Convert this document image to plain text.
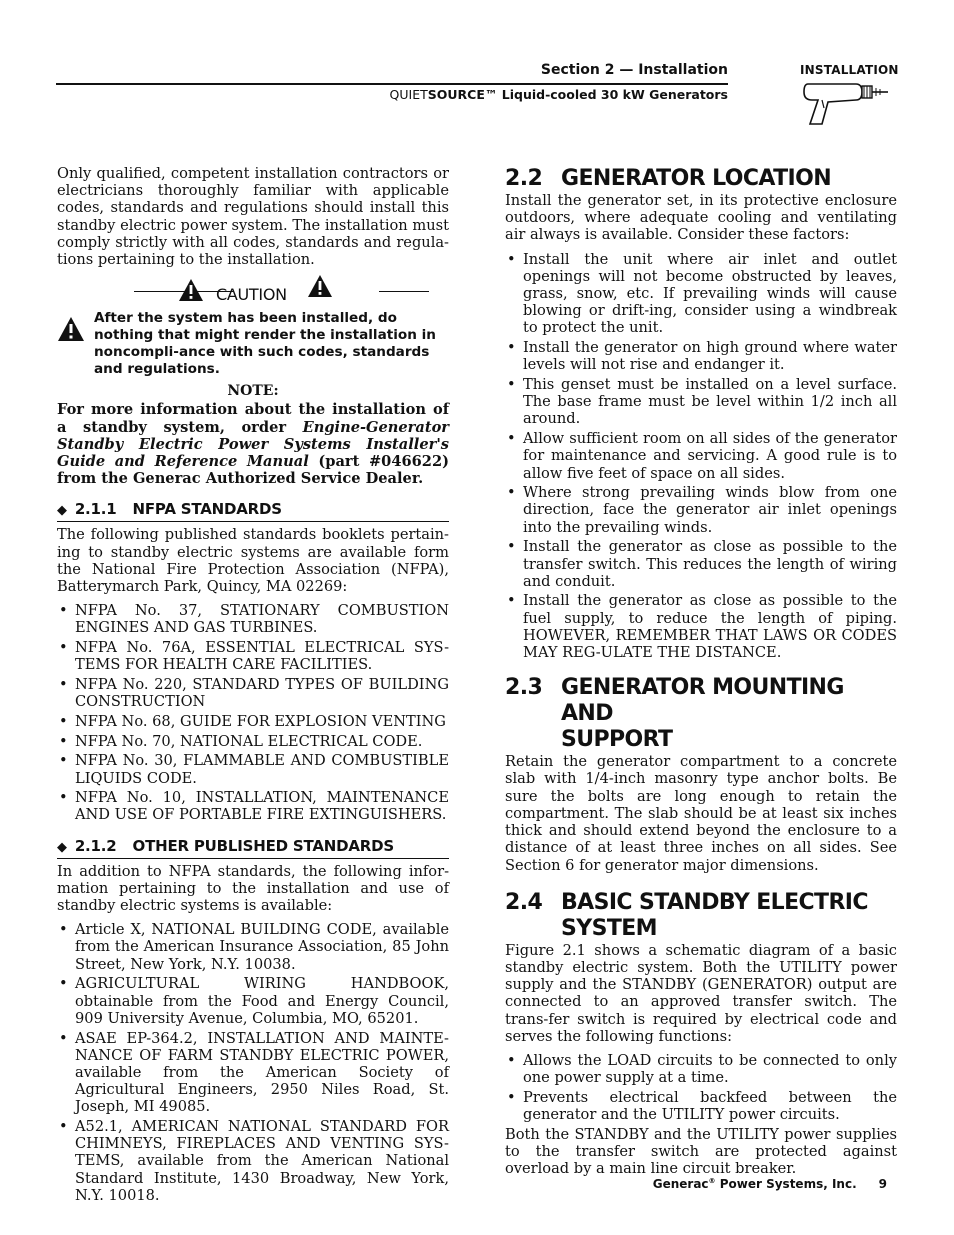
Section 2 — Installation
QUIETSOURCE™ Liquid-cooled 30 kW Generators
INSTALLATION

Only qualified, competent installation contractors or electricians thoroughly familiar with applicable codes, standards and regulations should install this standby electric power system. The installation must comply strictly with all codes, standards and regula-tions pertaining to the installation.

CAUTION
After the system has been installed, do nothing that might render the installation in noncompli-ance with such codes, standards and regulations.
NOTE:

For more information about the installation of a standby system, order Engine-Generator Standby Electric Power Systems Installer's Guide and Reference Manual (part #046622) from the Generac Authorized Service Dealer.

◆ 2.1.1 NFPA STANDARDS

The following published standards booklets pertain-ing to standby electric systems are available form the National Fire Protection Association (NFPA), Batterymarch Park, Quincy, MA 02269:

• NFPA No. 37, STATIONARY COMBUSTION ENGINES AND GAS TURBINES.
• NFPA No. 76A, ESSENTIAL ELECTRICAL SYS-TEMS FOR HEALTH CARE FACILITIES.
• NFPA No. 220, STANDARD TYPES OF BUILDING CONSTRUCTION
• NFPA No. 68, GUIDE FOR EXPLOSION VENTING
• NFPA No. 70, NATIONAL ELECTRICAL CODE.
• NFPA No. 30, FLAMMABLE AND COMBUSTIBLE LIQUIDS CODE.
• NFPA No. 10, INSTALLATION, MAINTENANCE AND USE OF PORTABLE FIRE EXTINGUISHERS.
◆ 2.1.2 OTHER PUBLISHED STANDARDS

In addition to NFPA standards, the following infor-mation pertaining to the installation and use of standby electric systems is available:

• Article X, NATIONAL BUILDING CODE, available from the American Insurance Association, 85 John Street, New York, N.Y. 10038.
• AGRICULTURAL WIRING HANDBOOK, obtainable from the Food and Energy Council, 909 University Avenue, Columbia, MO, 65201.
• ASAE EP-364.2, INSTALLATION AND MAINTE-NANCE OF FARM STANDBY ELECTRIC POWER, available from the American Society of Agricultural Engineers, 2950 Niles Road, St. Joseph, MI 49085.
• A52.1, AMERICAN NATIONAL STANDARD FOR CHIMNEYS, FIREPLACES AND VENTING SYS-TEMS, available from the American National Standard Institute, 1430 Broadway, New York, N.Y. 10018.
2.2 GENERATOR LOCATION

Install the generator set, in its protective enclosure outdoors, where adequate cooling and ventilating air always is available. Consider these factors:

• Install the unit where air inlet and outlet openings will not become obstructed by leaves, grass, snow, etc. If prevailing winds will cause blowing or drift-ing, consider using a windbreak to protect the unit.
• Install the generator on high ground where water levels will not rise and endanger it.
• This genset must be installed on a level surface. The base frame must be level within 1/2 inch all around.
• Allow sufficient room on all sides of the generator for maintenance and servicing. A good rule is to allow five feet of space on all sides.
• Where strong prevailing winds blow from one direction, face the generator air inlet openings into the prevailing winds.
• Install the generator as close as possible to the transfer switch. This reduces the length of wiring and conduit.
• Install the generator as close as possible to the fuel supply, to reduce the length of piping. HOWEVER, REMEMBER THAT LAWS OR CODES MAY REG-ULATE THE DISTANCE.
2.3 GENERATOR MOUNTING AND
SUPPORT

Retain the generator compartment to a concrete slab with 1/4-inch masonry type anchor bolts. Be sure the bolts are long enough to retain the compartment. The slab should be at least six inches thick and should extend beyond the enclosure to a distance of at least three inches on all sides. See Section 6 for generator major dimensions.

2.4 BASIC STANDBY ELECTRIC
SYSTEM

Figure 2.1 shows a schematic diagram of a basic standby electric system. Both the UTILITY power supply and the STANDBY (GENERATOR) output are connected to an approved transfer switch. The trans-fer switch is required by electrical code and serves the following functions:

• Allows the LOAD circuits to be connected to only one power supply at a time.
• Prevents electrical backfeed between the generator and the UTILITY power circuits.

Both the STANDBY and the UTILITY power supplies to the transfer switch are protected against overload by a main line circuit breaker.

Generac® Power Systems, Inc. 9
